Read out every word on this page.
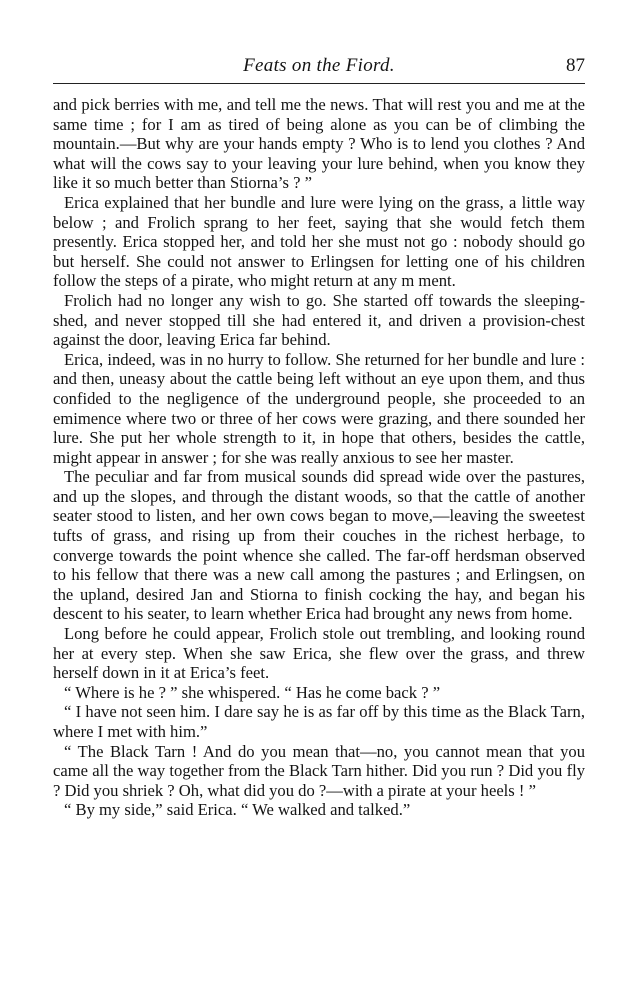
Feats on the Fiord.	87

and pick berries with me, and tell me the news. That will rest you and me at the same time ; for I am as tired of being alone as you can be of climbing the mountain.—But why are your hands empty ? Who is to lend you clothes ? And what will the cows say to your leaving your lure behind, when you know they like it so much better than Stiorna’s ? ”

Erica explained that her bundle and lure were lying on the grass, a little way below ; and Frolich sprang to her feet, saying that she would fetch them presently. Erica stopped her, and told her she must not go : nobody should go but herself. She could not answer to Erlingsen for letting one of his children follow the steps of a pirate, who might return at any m ment.

Frolich had no longer any wish to go. She started off towards the sleeping-shed, and never stopped till she had entered it, and driven a provision-chest against the door, leaving Erica far behind.

Erica, indeed, was in no hurry to follow. She returned for her bundle and lure : and then, uneasy about the cattle being left without an eye upon them, and thus confided to the negligence of the underground people, she proceeded to an emimence where two or three of her cows were grazing, and there sounded her lure. She put her whole strength to it, in hope that others, besides the cattle, might appear in answer ; for she was really anxious to see her master.

The peculiar and far from musical sounds did spread wide over the pastures, and up the slopes, and through the distant woods, so that the cattle of another seater stood to listen, and her own cows began to move,—leaving the sweetest tufts of grass, and rising up from their couches in the richest herbage, to converge towards the point whence she called. The far-off herdsman observed to his fellow that there was a new call among the pastures ; and Erlingsen, on the upland, desired Jan and Stiorna to finish cocking the hay, and began his descent to his seater, to learn whether Erica had brought any news from home.

Long before he could appear, Frolich stole out trembling, and looking round her at every step. When she saw Erica, she flew over the grass, and threw herself down in it at Erica’s feet.

“ Where is he ? ” she whispered. “ Has he come back ? ”

“ I have not seen him. I dare say he is as far off by this time as the Black Tarn, where I met with him.”

“ The Black Tarn ! And do you mean that—no, you cannot mean that you came all the way together from the Black Tarn hither. Did you run ? Did you fly ? Did you shriek ? Oh, what did you do ?—with a pirate at your heels ! ”

“ By my side,” said Erica. “ We walked and talked.”
